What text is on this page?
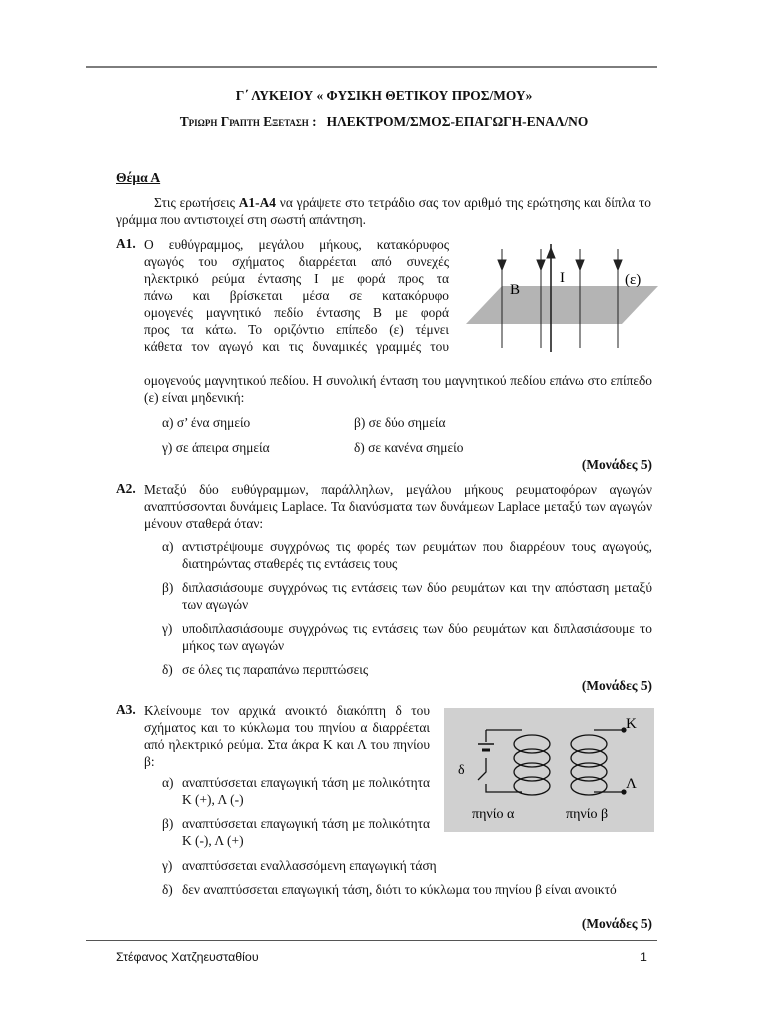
Γ΄ ΛΥΚΕΙΟΥ « ΦΥΣΙΚΗ ΘΕΤΙΚΟΥ ΠΡΟΣ/ΜΟΥ»
Τριωρη Γραπτη Εξεταση : ΗΛΕΚΤΡΟΜ/ΣΜΟΣ-ΕΠΑΓΩΓΗ-ΕΝΑΛ/ΝΟ
Θέμα Α
Στις ερωτήσεις Α1-Α4 να γράψετε στο τετράδιο σας τον αριθμό της ερώτησης και δίπλα το γράμμα που αντιστοιχεί στη σωστή απάντηση.
Α1. Ο ευθύγραμμος, μεγάλου μήκους, κατακόρυφος
αγωγός του σχήματος διαρρέεται από συνεχές
ηλεκτρικό ρεύμα έντασης Ι με φορά προς τα
πάνω και βρίσκεται μέσα σε κατακόρυφο
ομογενές μαγνητικό πεδίο έντασης Β με φορά
προς τα κάτω. Το οριζόντιο επίπεδο (ε) τέμνει
κάθετα τον αγωγό και τις δυναμικές γραμμές του
ομογενούς μαγνητικού πεδίου. Η συνολική ένταση του μαγνητικού πεδίου επάνω στο επίπεδο (ε) είναι μηδενική:
B
I	(ε)
α) σ’ ένα σημείο	β) σε δύο σημεία
γ) σε άπειρα σημεία	δ) σε κανένα σημείο
(Μονάδες 5)
Α2. Μεταξύ δύο ευθύγραμμων, παράλληλων, μεγάλου μήκους ρευματοφόρων αγωγών αναπτύσσονται δυνάμεις Laplace. Τα διανύσματα των δυνάμεων Laplace μεταξύ των αγωγών μένουν σταθερά όταν:
α) αντιστρέψουμε συγχρόνως τις φορές των ρευμάτων που διαρρέουν τους αγωγούς, διατηρώντας σταθερές τις εντάσεις τους
β) διπλασιάσουμε συγχρόνως τις εντάσεις των δύο ρευμάτων και την απόσταση μεταξύ των αγωγών
γ) υποδιπλασιάσουμε συγχρόνως τις εντάσεις των δύο ρευμάτων και διπλασιάσουμε το μήκος των αγωγών
δ) σε όλες τις παραπάνω περιπτώσεις
(Μονάδες 5)
Α3. Κλείνουμε τον αρχικά ανοικτό διακόπτη δ του σχήματος και το κύκλωμα του πηνίου α διαρρέεται από ηλεκτρικό ρεύμα. Στα άκρα Κ και Λ του πηνίου β:
Κ
Λ
δ
πηνίο α	πηνίο β
α) αναπτύσσεται επαγωγική τάση με πολικότητα Κ (+), Λ (-)
β) αναπτύσσεται επαγωγική τάση με πολικότητα Κ (-), Λ (+)
γ) αναπτύσσεται εναλλασσόμενη επαγωγική τάση
δ) δεν αναπτύσσεται επαγωγική τάση, διότι το κύκλωμα του πηνίου β είναι ανοικτό
(Μονάδες 5)
Στέφανος Χατζηευσταθίου	1
